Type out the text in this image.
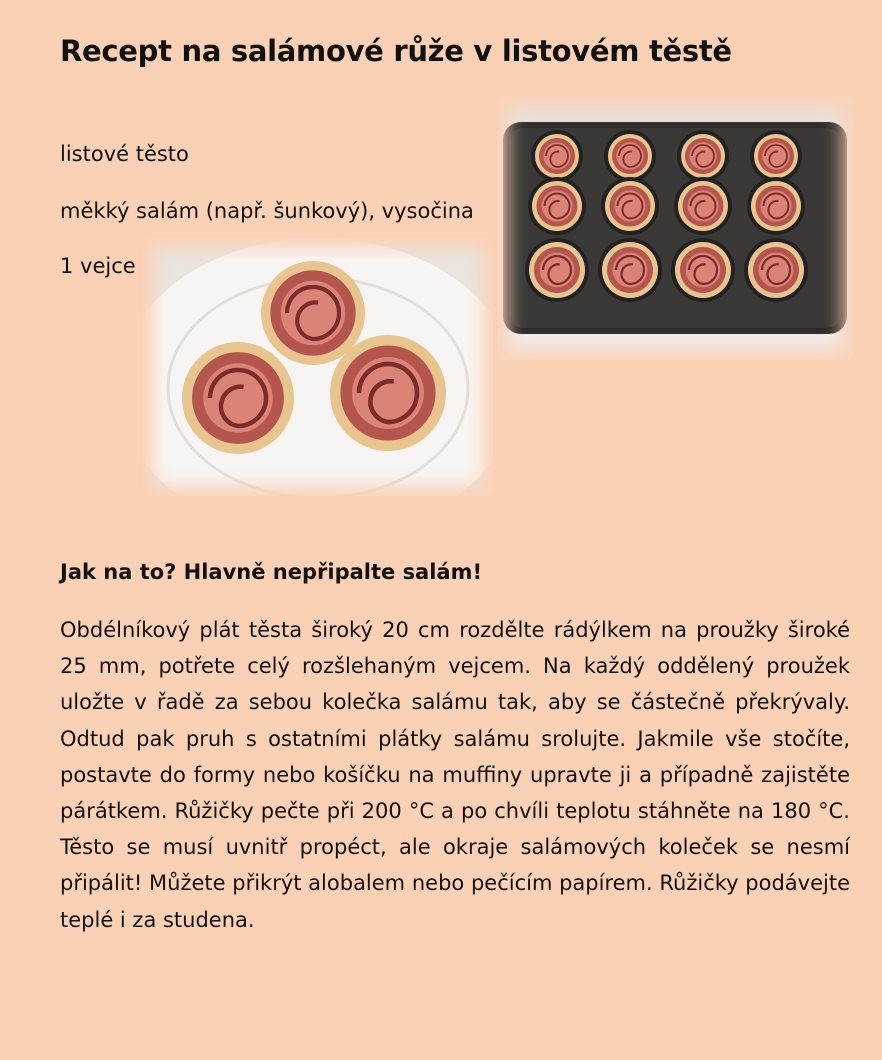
Recept na salámové růže v listovém těstě
listové těsto
měkký salám (např. šunkový), vysočina
1 vejce
Jak na to? Hlavně nepřipalte salám!

Obdélníkový plát těsta široký 20 cm rozdělte rádýlkem na proužky široké 25 mm, potřete celý rozšlehaným vejcem. Na každý oddělený proužek uložte v řadě za sebou kolečka salámu tak, aby se částečně překrývaly. Odtud pak pruh s ostatními plátky salámu srolujte. Jakmile vše stočíte, postavte do formy nebo košíčku na muffiny upravte ji a případně zajistěte párátkem. Růžičky pečte při 200 °C a po chvíli teplotu stáhněte na 180 °C. Těsto se musí uvnitř propéct, ale okraje salámových koleček se nesmí připálit! Můžete přikrýt alobalem nebo pečícím papírem. Růžičky podávejte teplé i za studena.
